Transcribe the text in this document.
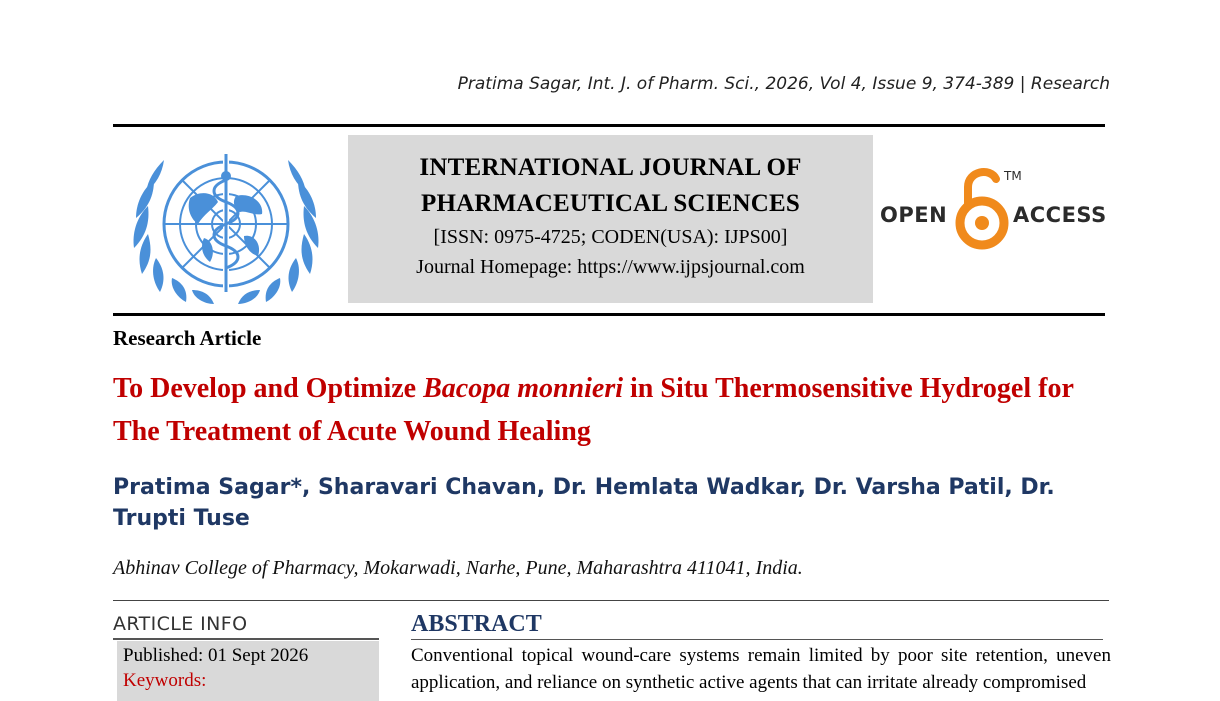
Pratima Sagar, Int. J. of Pharm. Sci., 2026, Vol 4, Issue 9, 374-389 | Research
INTERNATIONAL JOURNAL OF
PHARMACEUTICAL SCIENCES
[ISSN: 0975-4725; CODEN(USA): IJPS00]
Journal Homepage: https://www.ijpsjournal.com
OPEN
TM
ACCESS
Research Article
To Develop and Optimize Bacopa monnieri in Situ Thermosensitive Hydrogel for The Treatment of Acute Wound Healing
Pratima Sagar*, Sharavari Chavan, Dr. Hemlata Wadkar, Dr. Varsha Patil, Dr. Trupti Tuse
Abhinav College of Pharmacy, Mokarwadi, Narhe, Pune, Maharashtra 411041, India.
ARTICLE INFO
Published: 01 Sept 2026
Keywords:
ABSTRACT
Conventional topical wound-care systems remain limited by poor site retention, uneven application, and reliance on synthetic active agents that can irritate already compromised
